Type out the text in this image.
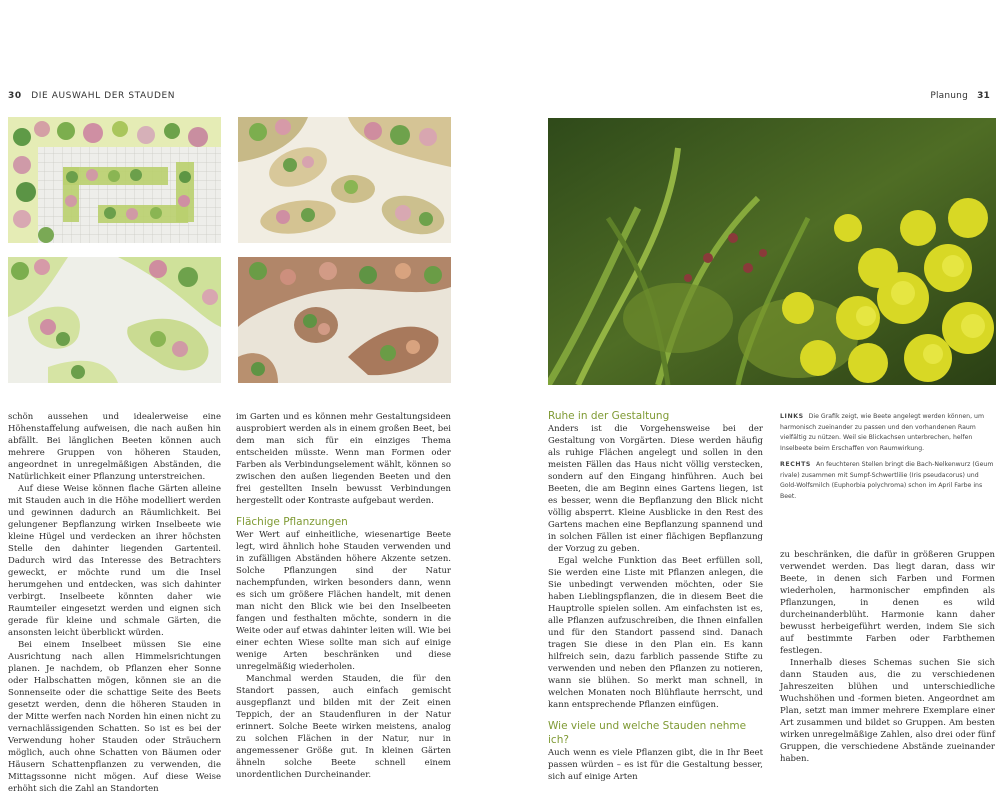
30 DIE AUSWAHL DER STAUDEN	Planung 31

schön aussehen und idealerweise eine Höhenstaffelung aufweisen, die nach außen hin abfällt. Bei länglichen Beeten können auch mehrere Gruppen von höheren Stauden, angeordnet in unregelmäßigen Abständen, die Natürlichkeit einer Pflanzung unterstreichen.

Auf diese Weise können flache Gärten alleine mit Stauden auch in die Höhe modelliert werden und gewinnen dadurch an Räumlichkeit. Bei gelungener Bepflanzung wirken Inselbeete wie kleine Hügel und verdecken an ihrer höchsten Stelle den dahinter liegenden Gartenteil. Dadurch wird das Interesse des Betrachters geweckt, er möchte rund um die Insel herumgehen und entdecken, was sich dahinter verbirgt. Inselbeete könnten daher wie Raumteiler eingesetzt werden und eignen sich gerade für kleine und schmale Gärten, die ansonsten leicht überblickt würden.

Bei einem Inselbeet müssen Sie eine Ausrichtung nach allen Himmelsrichtungen planen. Je nachdem, ob Pflanzen eher Sonne oder Halbschatten mögen, können sie an die Sonnenseite oder die schattige Seite des Beets gesetzt werden, denn die höheren Stauden in der Mitte werfen nach Norden hin einen nicht zu vernachlässigenden Schatten. So ist es bei der Verwendung hoher Stauden oder Sträuchern möglich, auch ohne Schatten von Bäumen oder Häusern Schattenpflanzen zu verwenden, die Mittagssonne nicht mögen. Auf diese Weise erhöht sich die Zahl an Standorten

im Garten und es können mehr Gestaltungsideen ausprobiert werden als in einem großen Beet, bei dem man sich für ein einziges Thema entscheiden müsste. Wenn man Formen oder Farben als Verbindungselement wählt, können so zwischen den außen liegenden Beeten und den frei gestellten Inseln bewusst Verbindungen hergestellt oder Kontraste aufgebaut werden.

Flächige Pflanzungen

Wer Wert auf einheitliche, wiesenartige Beete legt, wird ähnlich hohe Stauden verwenden und in zufälligen Abständen höhere Akzente setzen. Solche Pflanzungen sind der Natur nachempfunden, wirken besonders dann, wenn es sich um größere Flächen handelt, mit denen man nicht den Blick wie bei den Inselbeeten fangen und festhalten möchte, sondern in die Weite oder auf etwas dahinter leiten will. Wie bei einer echten Wiese sollte man sich auf einige wenige Arten beschränken und diese unregelmäßig wiederholen.

Manchmal werden Stauden, die für den Standort passen, auch einfach gemischt ausgepflanzt und bilden mit der Zeit einen Teppich, der an Staudenfluren in der Natur erinnert. Solche Beete wirken meistens, analog zu solchen Flächen in der Natur, nur in angemessener Größe gut. In kleinen Gärten ähneln solche Beete schnell einem unordentlichen Durcheinander.

Ruhe in der Gestaltung

Anders ist die Vorgehensweise bei der Gestaltung von Vorgärten. Diese werden häufig als ruhige Flächen angelegt und sollen in den meisten Fällen das Haus nicht völlig verstecken, sondern auf den Eingang hinführen. Auch bei Beeten, die am Beginn eines Gartens liegen, ist es besser, wenn die Bepflanzung den Blick nicht völlig absperrt. Kleine Ausblicke in den Rest des Gartens machen eine Bepflanzung spannend und in solchen Fällen ist einer flächigen Bepflanzung der Vorzug zu geben.

Egal welche Funktion das Beet erfüllen soll, Sie werden eine Liste mit Pflanzen anlegen, die Sie unbedingt verwenden möchten, oder Sie haben Lieblingspflanzen, die in diesem Beet die Hauptrolle spielen sollen. Am einfachsten ist es, alle Pflanzen aufzuschreiben, die Ihnen einfallen und für den Standort passend sind. Danach tragen Sie diese in den Plan ein. Es kann hilfreich sein, dazu farblich passende Stifte zu verwenden und neben den Pflanzen zu notieren, wann sie blühen. So merkt man schnell, in welchen Monaten noch Blühflaute herrscht, und kann entsprechende Pflanzen einfügen.

Wie viele und welche Stauden nehme ich?

Auch wenn es viele Pflanzen gibt, die in Ihr Beet passen würden – es ist für die Gestaltung besser, sich auf einige Arten

LINKS Die Grafik zeigt, wie Beete angelegt werden können, um harmonisch zueinander zu passen und den vorhandenen Raum vielfältig zu nützen. Weil sie Blickachsen unterbrechen, helfen Inselbeete beim Erschaffen von Raumwirkung.

RECHTS An feuchteren Stellen bringt die Bach-Nelkenwurz (Geum rivale) zusammen mit Sumpf-Schwertlilie (Iris pseudacorus) und Gold-Wolfsmilch (Euphorbia polychroma) schon im April Farbe ins Beet.

zu beschränken, die dafür in größeren Gruppen verwendet werden. Das liegt daran, dass wir Beete, in denen sich Farben und Formen wiederholen, harmonischer empfinden als Pflanzungen, in denen es wild durcheinanderblüht. Harmonie kann daher bewusst herbeigeführt werden, indem Sie sich auf bestimmte Farben oder Farbthemen festlegen.

Innerhalb dieses Schemas suchen Sie sich dann Stauden aus, die zu verschiedenen Jahreszeiten blühen und unterschiedliche Wuchshöhen und -formen bieten. Angeordnet am Plan, setzt man immer mehrere Exemplare einer Art zusammen und bildet so Gruppen. Am besten wirken unregelmäßige Zahlen, also drei oder fünf Gruppen, die verschiedene Abstände zueinander haben.
